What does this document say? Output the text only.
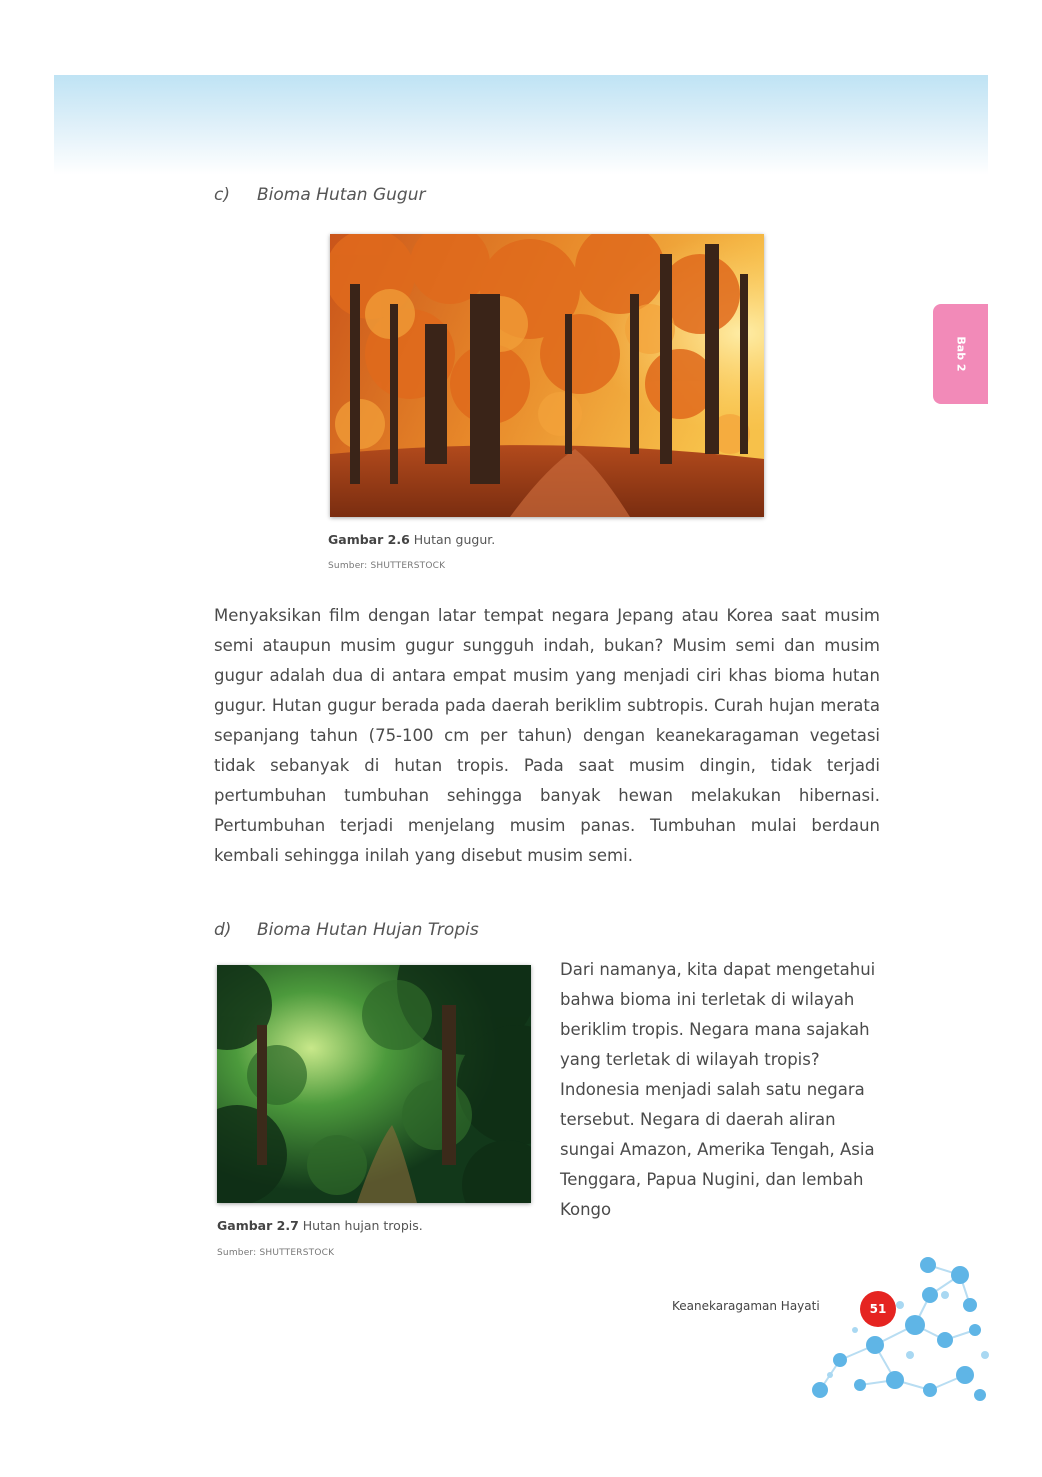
c) Bioma Hutan Gugur
Gambar 2.6 Hutan gugur.
Sumber: SHUTTERSTOCK
Menyaksikan film dengan latar tempat negara Jepang atau Korea saat musim semi ataupun musim gugur sungguh indah, bukan? Musim semi dan musim gugur adalah dua di antara empat musim yang menjadi ciri khas bioma hutan gugur. Hutan gugur berada pada daerah beriklim subtropis. Curah hujan merata sepanjang tahun (75-100 cm per tahun) dengan keanekaragaman vegetasi tidak sebanyak di hutan tropis. Pada saat musim dingin, tidak terjadi pertumbuhan tumbuhan sehingga banyak hewan melakukan hibernasi. Pertumbuhan terjadi menjelang musim panas. Tumbuhan mulai berdaun kembali sehingga inilah yang disebut musim semi.
d) Bioma Hutan Hujan Tropis
Gambar 2.7 Hutan hujan tropis.
Sumber: SHUTTERSTOCK
Dari namanya, kita dapat mengetahui bahwa bioma ini terletak di wilayah beriklim tropis. Negara mana sajakah yang terletak di wilayah tropis? Indonesia menjadi salah satu negara tersebut. Negara di daerah aliran sungai Amazon, Amerika Tengah, Asia Tenggara, Papua Nugini, dan lembah Kongo
Bab 2
Keanekaragaman Hayati	51
